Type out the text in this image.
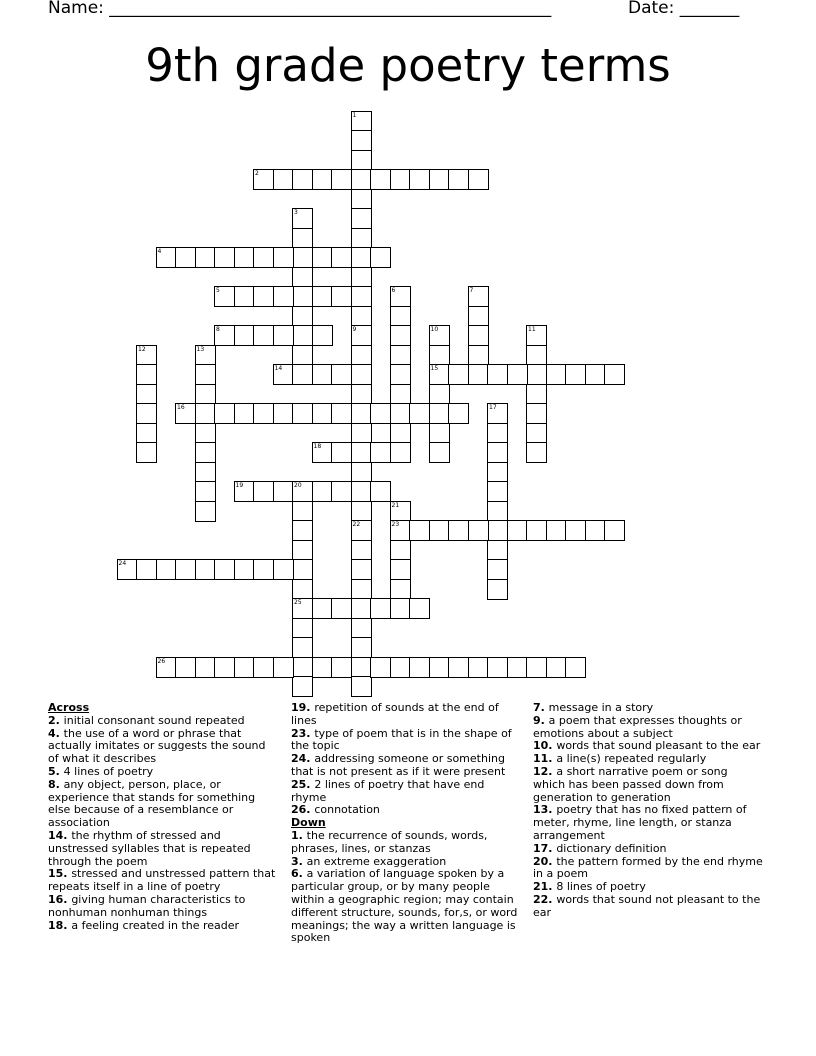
Name: ____________________________________________________	Date: _______
9th grade poetry terms
1
9
2
3
4
5	6	7
8	10
15
11
12	13
14
16	17
18
19	20
25
21
23
22
24
26
Across
2. initial consonant sound repeated
4. the use of a word or phrase that actually imitates or suggests the sound of what it describes
5. 4 lines of poetry
8. any object, person, place, or experience that stands for something else because of a resemblance or association
14. the rhythm of stressed and unstressed syllables that is repeated through the poem
15. stressed and unstressed pattern that repeats itself in a line of poetry
16. giving human characteristics to nonhuman nonhuman things
18. a feeling created in the reader
19. repetition of sounds at the end of lines
23. type of poem that is in the shape of the topic
24. addressing someone or something that is not present as if it were present
25. 2 lines of poetry that have end rhyme
26. connotation
Down
1. the recurrence of sounds, words, phrases, lines, or stanzas
3. an extreme exaggeration
6. a variation of language spoken by a particular group, or by many people within a geographic region; may contain different structure, sounds, for,s, or word meanings; the way a written language is spoken
7. message in a story
9. a poem that expresses thoughts or emotions about a subject
10. words that sound pleasant to the ear
11. a line(s) repeated regularly
12. a short narrative poem or song which has been passed down from generation to generation
13. poetry that has no fixed pattern of meter, rhyme, line length, or stanza arrangement
17. dictionary definition
20. the pattern formed by the end rhyme in a poem
21. 8 lines of poetry
22. words that sound not pleasant to the ear
